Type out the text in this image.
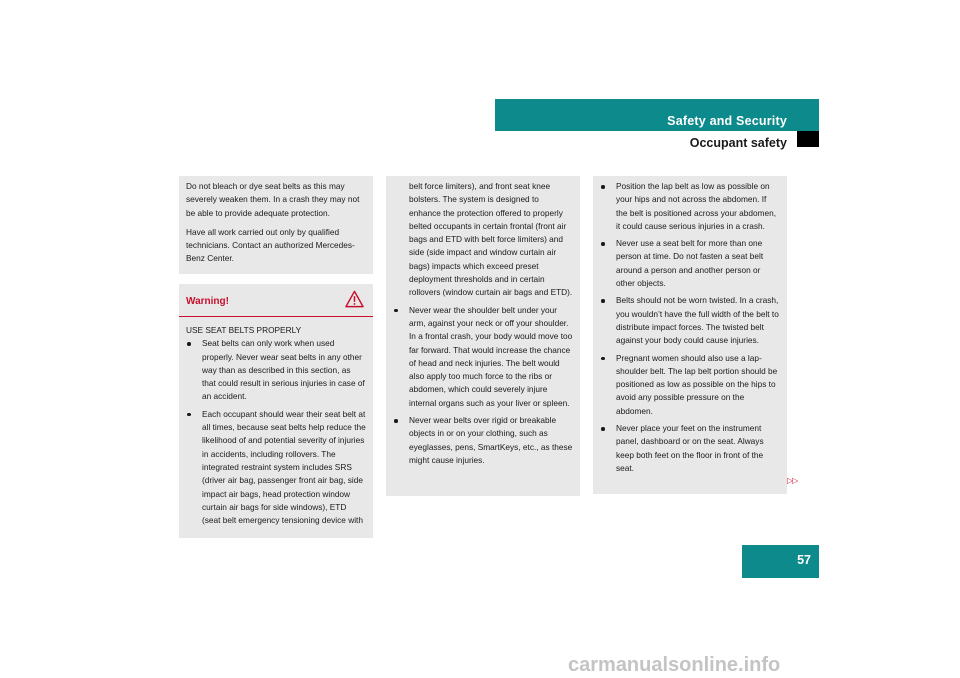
Safety and Security
Occupant safety

Do not bleach or dye seat belts as this may severely weaken them. In a crash they may not be able to provide adequate protection.

Have all work carried out only by qualified technicians. Contact an authorized Mercedes-Benz Center.

Warning!

USE SEAT BELTS PROPERLY

Seat belts can only work when used properly. Never wear seat belts in any other way than as described in this section, as that could result in serious injuries in case of an accident.
Each occupant should wear their seat belt at all times, because seat belts help reduce the likelihood of and potential severity of injuries in accidents, including rollovers. The integrated restraint system includes SRS (driver air bag, passenger front air bag, side impact air bags, head protection window curtain air bags for side windows), ETD (seat belt emergency tensioning device with

belt force limiters), and front seat knee bolsters. The system is designed to enhance the protection offered to properly belted occupants in certain frontal (front air bags and ETD with belt force limiters) and side (side impact and window curtain air bags) impacts which exceed preset deployment thresholds and in certain rollovers (window curtain air bags and ETD).

Never wear the shoulder belt under your arm, against your neck or off your shoulder. In a frontal crash, your body would move too far forward. That would increase the chance of head and neck injuries. The belt would also apply too much force to the ribs or abdomen, which could severely injure internal organs such as your liver or spleen.
Never wear belts over rigid or breakable objects in or on your clothing, such as eyeglasses, pens, SmartKeys, etc., as these might cause injuries.
Position the lap belt as low as possible on your hips and not across the abdomen. If the belt is positioned across your abdomen, it could cause serious injuries in a crash.
Never use a seat belt for more than one person at time. Do not fasten a seat belt around a person and another person or other objects.
Belts should not be worn twisted. In a crash, you wouldn’t have the full width of the belt to distribute impact forces. The twisted belt against your body could cause injuries.
Pregnant women should also use a lap-shoulder belt. The lap belt portion should be positioned as low as possible on the hips to avoid any possible pressure on the abdomen.
Never place your feet on the instrument panel, dashboard or on the seat. Always keep both feet on the floor in front of the seat.
▷▷
57
carmanualsonline.info
